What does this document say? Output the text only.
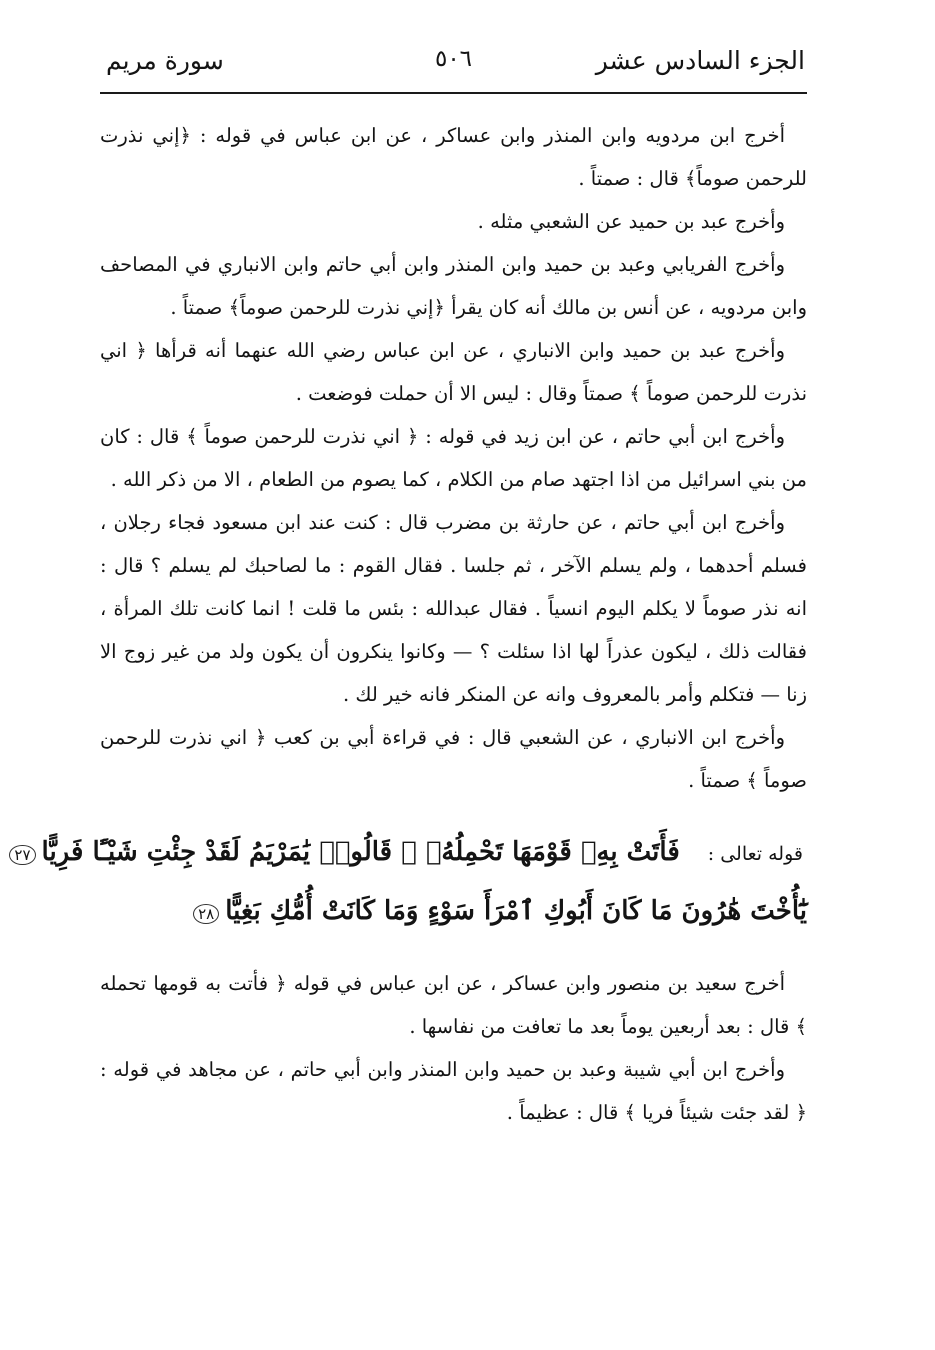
الجزء السادس عشر
٥٠٦
سورة مريم

أخرج ابن مردويه وابن المنذر وابن عساكر ، عن ابن عباس في قوله : ﴿إني نذرت للرحمن صوماً﴾ قال : صمتاً .

وأخرج عبد بن حميد عن الشعبي مثله .

وأخرج الفريابي وعبد بن حميد وابن المنذر وابن أبي حاتم وابن الانباري في المصاحف وابن مردويه ، عن أنس بن مالك أنه كان يقرأ ﴿إني نذرت للرحمن صوماً﴾ صمتاً .

وأخرج عبد بن حميد وابن الانباري ، عن ابن عباس رضي الله عنهما أنه قرأها ﴿ اني نذرت للرحمن صوماً ﴾ صمتاً وقال : ليس الا أن حملت فوضعت .

وأخرج ابن أبي حاتم ، عن ابن زيد في قوله : ﴿ اني نذرت للرحمن صوماً ﴾ قال : كان من بني اسرائيل من اذا اجتهد صام من الكلام ، كما يصوم من الطعام ، الا من ذكر الله .

وأخرج ابن أبي حاتم ، عن حارثة بن مضرب قال : كنت عند ابن مسعود فجاء رجلان ، فسلم أحدهما ، ولم يسلم الآخر ، ثم جلسا . فقال القوم : ما لصاحبك لم يسلم ؟ قال : انه نذر صوماً لا يكلم اليوم انسياً . فقال عبدالله : بئس ما قلت ! انما كانت تلك المرأة ، فقالت ذلك ، ليكون عذراً لها اذا سئلت ؟ — وكانوا ينكرون أن يكون ولد من غير زوج الا زنا — فتكلم وأمر بالمعروف وانه عن المنكر فانه خير لك .

وأخرج ابن الانباري ، عن الشعبي قال : في قراءة أبي بن كعب ﴿ اني نذرت للرحمن صوماً ﴾ صمتاً .

قوله تعالى :
فَأَتَتْ بِهِۦ قَوْمَهَا تَحْمِلُهُۥ ۖ قَالُوا۟ يَٰمَرْيَمُ لَقَدْ جِئْتِ شَيْـًٔا فَرِيًّا٢٧
يَٰٓأُخْتَ هَٰرُونَ مَا كَانَ أَبُوكِ ٱمْرَأَ سَوْءٍ وَمَا كَانَتْ أُمُّكِ بَغِيًّا٢٨

أخرج سعيد بن منصور وابن عساكر ، عن ابن عباس في قوله ﴿ فأتت به قومها تحمله ﴾ قال : بعد أربعين يوماً بعد ما تعافت من نفاسها .

وأخرج ابن أبي شيبة وعبد بن حميد وابن المنذر وابن أبي حاتم ، عن مجاهد في قوله : ﴿ لقد جئت شيئاً فريا ﴾ قال : عظيماً .
